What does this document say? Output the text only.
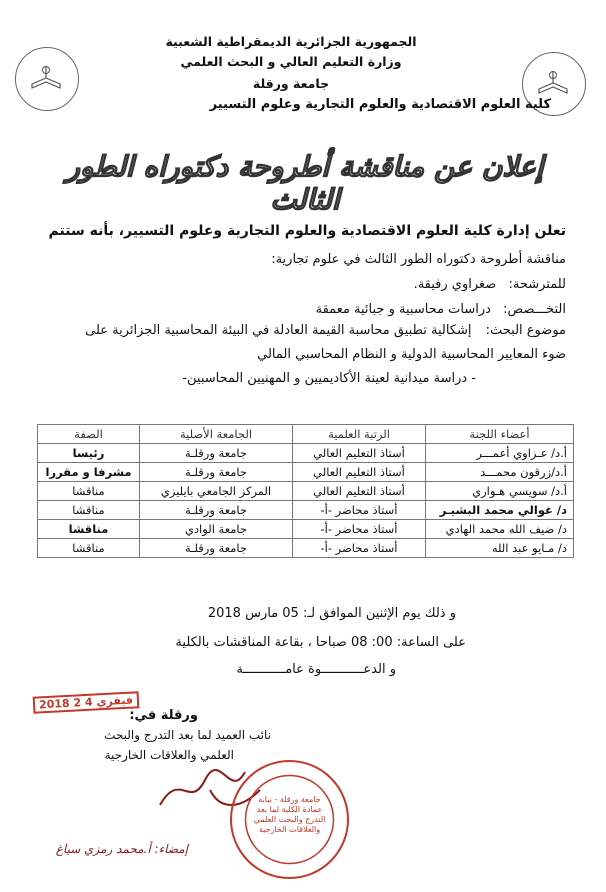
الجمهورية الجزائرية الديمقراطية الشعبية
وزارة التعليم العالي و البحث العلمي
جامعة ورقلة
كلية العلوم الاقتصادية والعلوم التجارية وعلوم التسيير
إعلان عن مناقشة أطروحة دكتوراه الطور الثالث
تعلن إدارة كلية العلوم الاقتصادية والعلوم التجارية وعلوم التسيير، بأنه ستتم
مناقشة أطروحة دكتوراه الطور الثالث في علوم تجارية:
للمترشحة: صغراوي رفيقة.
التخـــصص: دراسات محاسبية و جبائية معمقة
موضوع البحث: إشكالية تطبيق محاسبة القيمة العادلة في البيئة المحاسبية الجزائرية على
ضوء المعايير المحاسبية الدولية و النظام المحاسبي المالي
- دراسة ميدانية لعينة الأكاديميين و المهنيين المحاسبين-
أعضاء اللجنة	الرتبة العلمية	الجامعة الأصلية	الصفة
أ.د/ عـزاوي أعمـــر	أستاذ التعليم العالي	جامعة ورقلـة	رئيسا
أ.د/زرقون محمـــد	أستاذ التعليم العالي	جامعة ورقلـة	مشرفا و مقررا
أ.د/ سويسي هـواري	أستاذ التعليم العالي	المركز الجامعي بايليزي	مناقشا
د/ غوالي محمد البشيـر	أستاذ محاضر -أ-	جامعة ورقلـة	مناقشا
د/ ضيف الله محمد الهادي	أستاذ محاضر -أ-	جامعة الوادي	مناقشا
د/ مـايو عبد الله	أستاذ محاضر -أ-	جامعة ورقلـة	مناقشا
و ذلك يوم الإثنين الموافق لـ: 05 مارس 2018
على الساعة: 00: 08 صباحا ، بقاعة المناقشات بالكلية
و الدعـــــــــــوة عامـــــــــــة
ورقلة في:
2018 فيفري 4 2
نائب العميد لما بعد التدرج والبحث
العلمي والعلاقات الخارجية
إمضاء: أ.محمد رمزي سياغ
جامعة ورقلة - نيابة عمادة الكلية لما بعد التدرج والبحث العلمي والعلاقات الخارجية
